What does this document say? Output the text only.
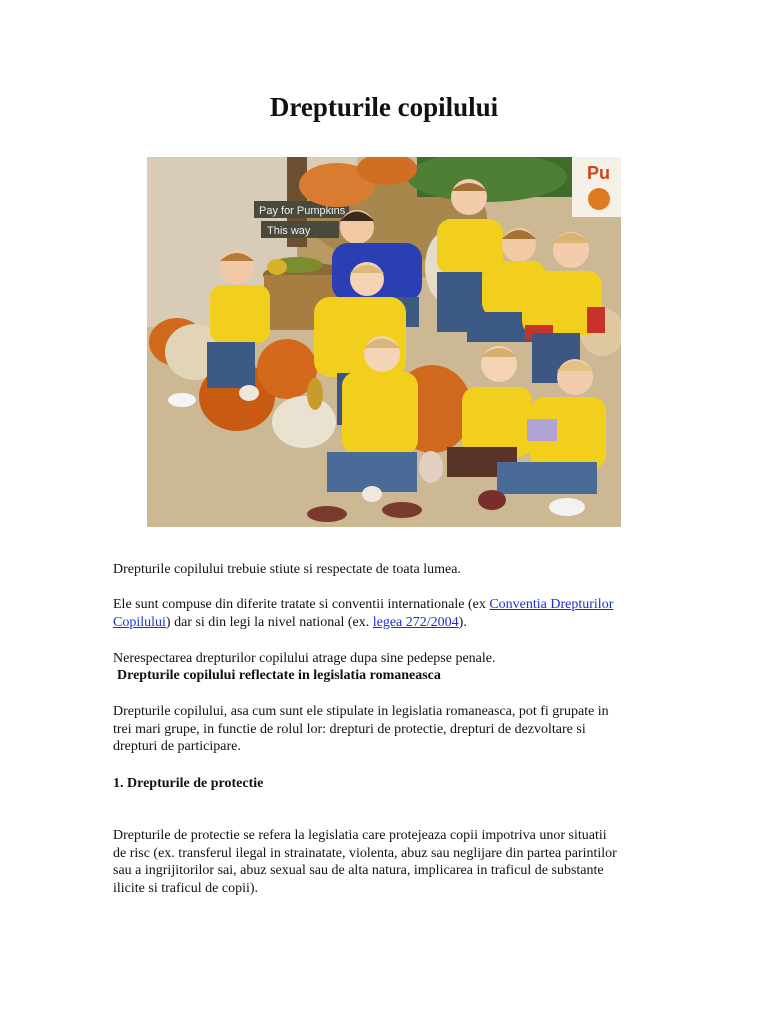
Drepturile copilului
Pu
Pay for Pumpkins
This way

Drepturile copilului trebuie stiute si respectate de toata lumea.

Ele sunt compuse din diferite tratate si conventii internationale (ex Conventia Drepturilor
Copilului) dar si din legi la nivel national (ex. legea 272/2004).

Nerespectarea drepturilor copilului atrage dupa sine pedepse penale.

Drepturile copilului reflectate in legislatia romaneasca

Drepturile copilului, asa cum sunt ele stipulate in legislatia romaneasca, pot fi grupate in
trei mari grupe, in functie de rolul lor: drepturi de protectie, drepturi de dezvoltare si
drepturi de participare.

1. Drepturile de protectie

Drepturile de protectie se refera la legislatia care protejeaza copii impotriva unor situatii
de risc (ex. transferul ilegal in strainatate, violenta, abuz sau neglijare din partea parintilor
sau a ingrijitorilor sai, abuz sexual sau de alta natura, implicarea in traficul de substante
ilicite si traficul de copii).
